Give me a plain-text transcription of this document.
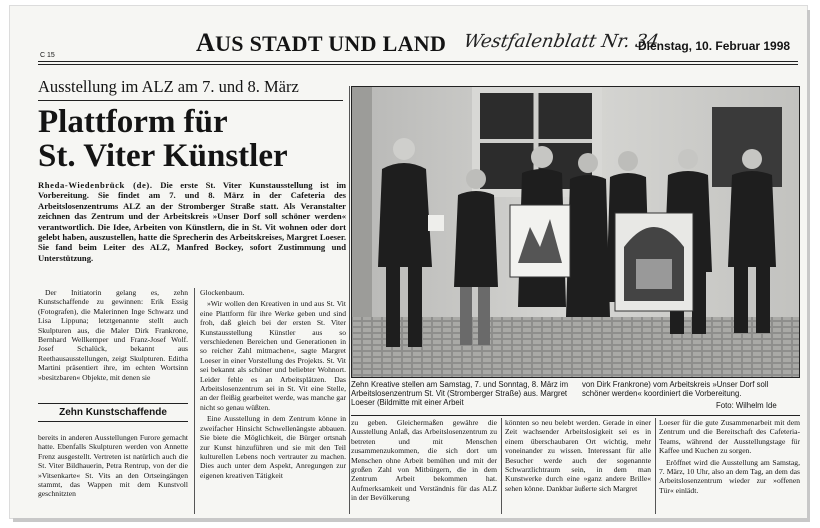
C 15	AUS STADT UND LAND Westfalenblatt Nr. 34
Dienstag, 10. Februar 1998
Ausstellung im ALZ am 7. und 8. März
Plattform für
St. Viter Künstler
Rheda-Wiedenbrück (de). Die erste St. Viter Kunstausstellung ist im Vorbereitung. Sie findet am 7. und 8. März in der Cafeteria des Arbeitslosenzentrums ALZ an der Stromberger Straße statt. Als Veranstalter zeichnen das Zentrum und der Arbeitskreis »Unser Dorf soll schöner werden« verantwortlich. Die Idee, Arbeiten von Künstlern, die in St. Vit wohnen oder dort gelebt haben, auszustellen, hatte die Sprecherin des Arbeitskreises, Margret Loeser. Sie fand beim Leiter des ALZ, Manfred Bockey, sofort Zustimmung und Unterstützung.

Der Initiatorin gelang es, zehn Kunstschaffende zu gewinnen: Erik Essig (Fotografen), die Malerinnen Inge Schwarz und Lisa Lippuna; letztgenannte stellt auch Skulpturen aus, die Maler Dirk Frankrone, Bernhard Wellkemper und Franz-Josef Wolf. Josef Schalück, bekannt aus Reethausausstellungen, zeigt Skulpturen. Editha Martini präsentiert ihre, im echten Wortsinn »besitzbaren« Objekte, mit denen sie

Zehn Kunstschaffende

bereits in anderen Ausstellungen Furore gemacht hatte. Ebenfalls Skulpturen werden von Annette Frenz ausgestellt. Vertreten ist natürlich auch die St. Viter Bildhauerin, Petra Rentrup, von der die »Vitsenkarte« St. Vits an den Ortseingängen stammt, das Wappen mit dem Kunstvoll geschnitzten

Glockenbaum.

»Wir wollen den Kreativen in und aus St. Vit eine Plattform für ihre Werke geben und sind froh, daß gleich bei der ersten St. Viter Kunstausstellung Künstler aus so verschiedenen Bereichen und Generationen in so reicher Zahl mitmachen«, sagte Margret Loeser in einer Vorstellung des Projekts. St. Vit sei bekannt als schöner und beliebter Wohnort. Leider fehle es an Arbeitsplätzen. Das Arbeitslosenzentrum sei in St. Vit eine Stelle, an der fleißig gearbeitet werde, was manche gar nicht so genau wüßten.

Eine Ausstellung in dem Zentrum könne in zweifacher Hinsicht Schwellenängste abbauen. Sie biete die Möglichkeit, die Bürger ortsnah zur Kunst hinzuführen und sie mit den Teil kulturellen Lebens noch vertrauter zu machen. Dies auch unter dem Aspekt, Anregungen zur eigenen kreativen Tätigkeit

Zehn Kreative stellen am Samstag, 7. und Sonntag, 8. März im Arbeitslosenzentrum St. Vit (Stromberger Straße) aus. Margret Loeser (Bildmitte mit einer Arbeit
von Dirk Frankrone) vom Arbeitskreis »Unser Dorf soll schöner werden« koordiniert die Vorbereitung.
Foto: Wilhelm Ide

zu geben. Gleichermaßen gewähre die Ausstellung Anlaß, das Arbeitslosenzentrum zu betreten und mit Menschen zusammenzukommen, die sich dort um Menschen ohne Arbeit bemühen und mit der großen Zahl von Mitbürgern, die in dem Zentrum Arbeit bekommen hat. Aufmerksamkeit und Verständnis für das ALZ in der Bevölkerung

könnten so neu belebt werden. Gerade in einer Zeit wachsender Arbeitslosigkeit sei es in einem überschaubaren Ort wichtig, mehr voneinander zu wissen. Interessant für alle Besucher werde auch der sogenannte Schwarzlichtraum sein, in dem man Kunstwerke durch eine »ganz andere Brille« sehen könne. Dankbar äußerte sich Margret

Loeser für die gute Zusammenarbeit mit dem Zentrum und die Bereitschaft des Cafeteria-Teams, während der Ausstellungstage für Kaffee und Kuchen zu sorgen.

Eröffnet wird die Ausstellung am Samstag, 7. März, 10 Uhr, also an dem Tag, an dem das Arbeitslosenzentrum wieder zur »offenen Tür« einlädt.
